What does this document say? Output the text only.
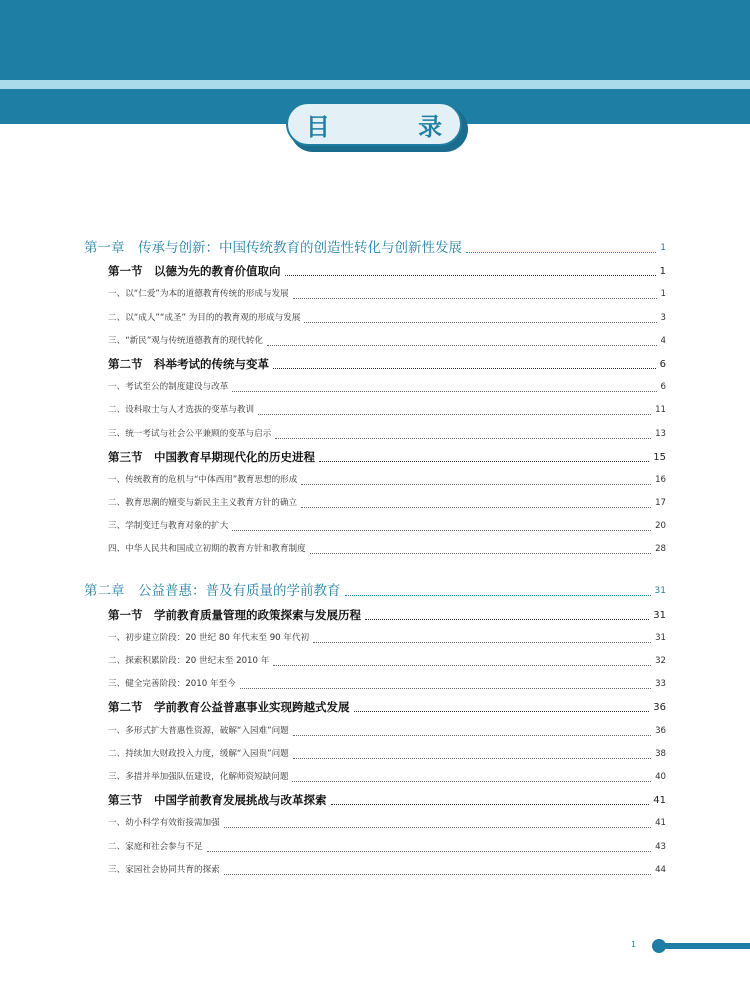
目 录
第一章　传承与创新：中国传统教育的创造性转化与创新性发展	1
第一节　以德为先的教育价值取向	1
一、以“仁爱”为本的道德教育传统的形成与发展	1
二、以“成人”“成圣” 为目的的教育观的形成与发展	3
三、“新民”观与传统道德教育的现代转化	4
第二节　科举考试的传统与变革	6
一、考试至公的制度建设与改革	6
二、设科取士与人才选拔的变革与教训	11
三、统一考试与社会公平兼顾的变革与启示	13
第三节　中国教育早期现代化的历史进程	15
一、传统教育的危机与“中体西用”教育思想的形成	16
二、教育思潮的嬗变与新民主主义教育方针的确立	17
三、学制变迁与教育对象的扩大	20
四、中华人民共和国成立初期的教育方针和教育制度	28
第二章　公益普惠：普及有质量的学前教育	31
第一节　学前教育质量管理的政策探索与发展历程	31
一、初步建立阶段：20 世纪 80 年代末至 90 年代初	31
二、探索积累阶段：20 世纪末至 2010 年	32
三、健全完善阶段：2010 年至今	33
第二节　学前教育公益普惠事业实现跨越式发展	36
一、多形式扩大普惠性资源，破解“入园难”问题	36
二、持续加大财政投入力度，缓解“入园贵”问题	38
三、多措并举加强队伍建设，化解师资短缺问题	40
第三节　中国学前教育发展挑战与改革探索	41
一、幼小科学有效衔接需加强	41
二、家庭和社会参与不足	43
三、家园社会协同共育的探索	44
1
